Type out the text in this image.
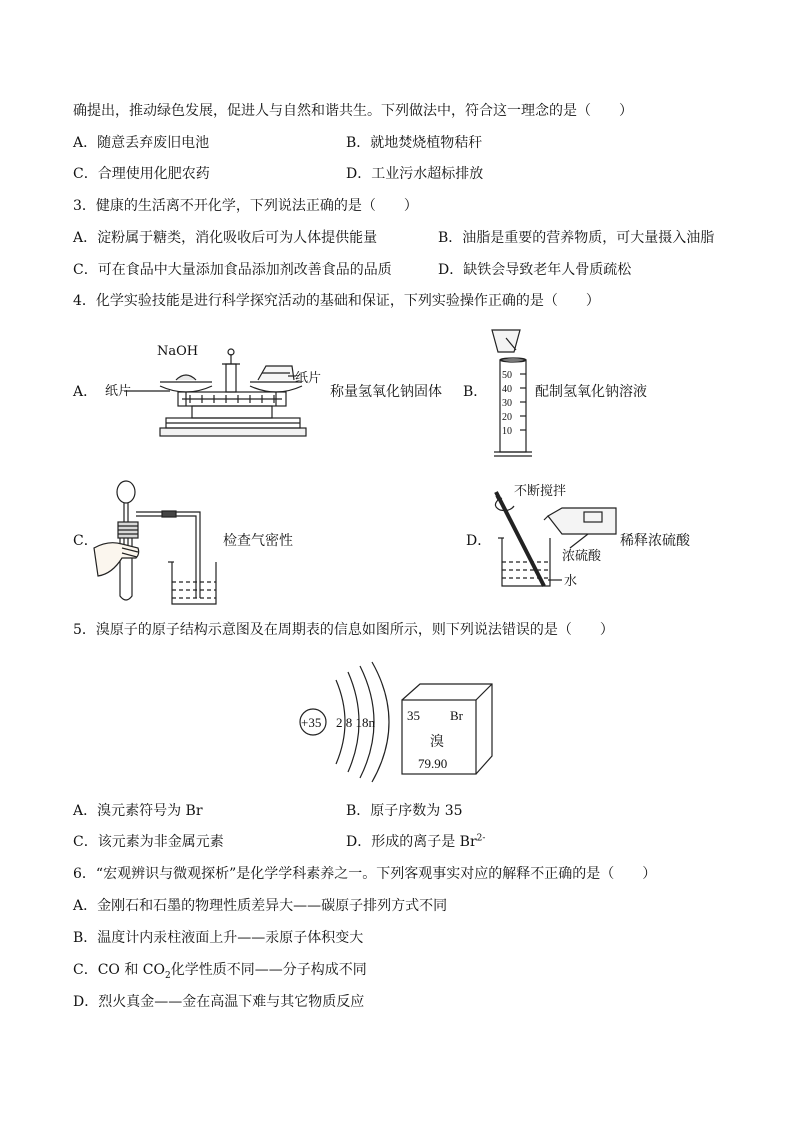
确提出，推动绿色发展，促进人与自然和谐共生。下列做法中，符合这一理念的是（　　）
A．随意丢弃废旧电池	B．就地焚烧植物秸秆
C．合理使用化肥农药	D．工业污水超标排放
3．健康的生活离不开化学，下列说法正确的是（　　）
A．淀粉属于糖类，消化吸收后可为人体提供能量	B．油脂是重要的营养物质，可大量摄入油脂
C．可在食品中大量添加食品添加剂改善食品的品质	D．缺铁会导致老年人骨质疏松
4．化学实验技能是进行科学探究活动的基础和保证，下列实验操作正确的是（　　）
A． 纸片
NaOH
纸片
称量氢氧化钠固体 B．	配制氢氧化钠溶液
50
40
30
20
10
C．	检查气密性	D．
不断搅拌
稀释浓硫酸
浓硫酸
水
5．溴原子的原子结构示意图及在周期表的信息如图所示，则下列说法错误的是（　　）
+35 2 8 18n 35 Br
溴
79.90
A．溴元素符号为 Br	B．原子序数为 35
C．该元素为非金属元素	D．形成的离子是 $Br^{2-}$
6．“宏观辨识与微观探析”是化学学科素养之一。下列客观事实对应的解释不正确的是（　　）
A．金刚石和石墨的物理性质差异大——碳原子排列方式不同
B．温度计内汞柱液面上升——汞原子体积变大
C．CO 和 $CO_2$化学性质不同——分子构成不同
D．烈火真金——金在高温下难与其它物质反应
